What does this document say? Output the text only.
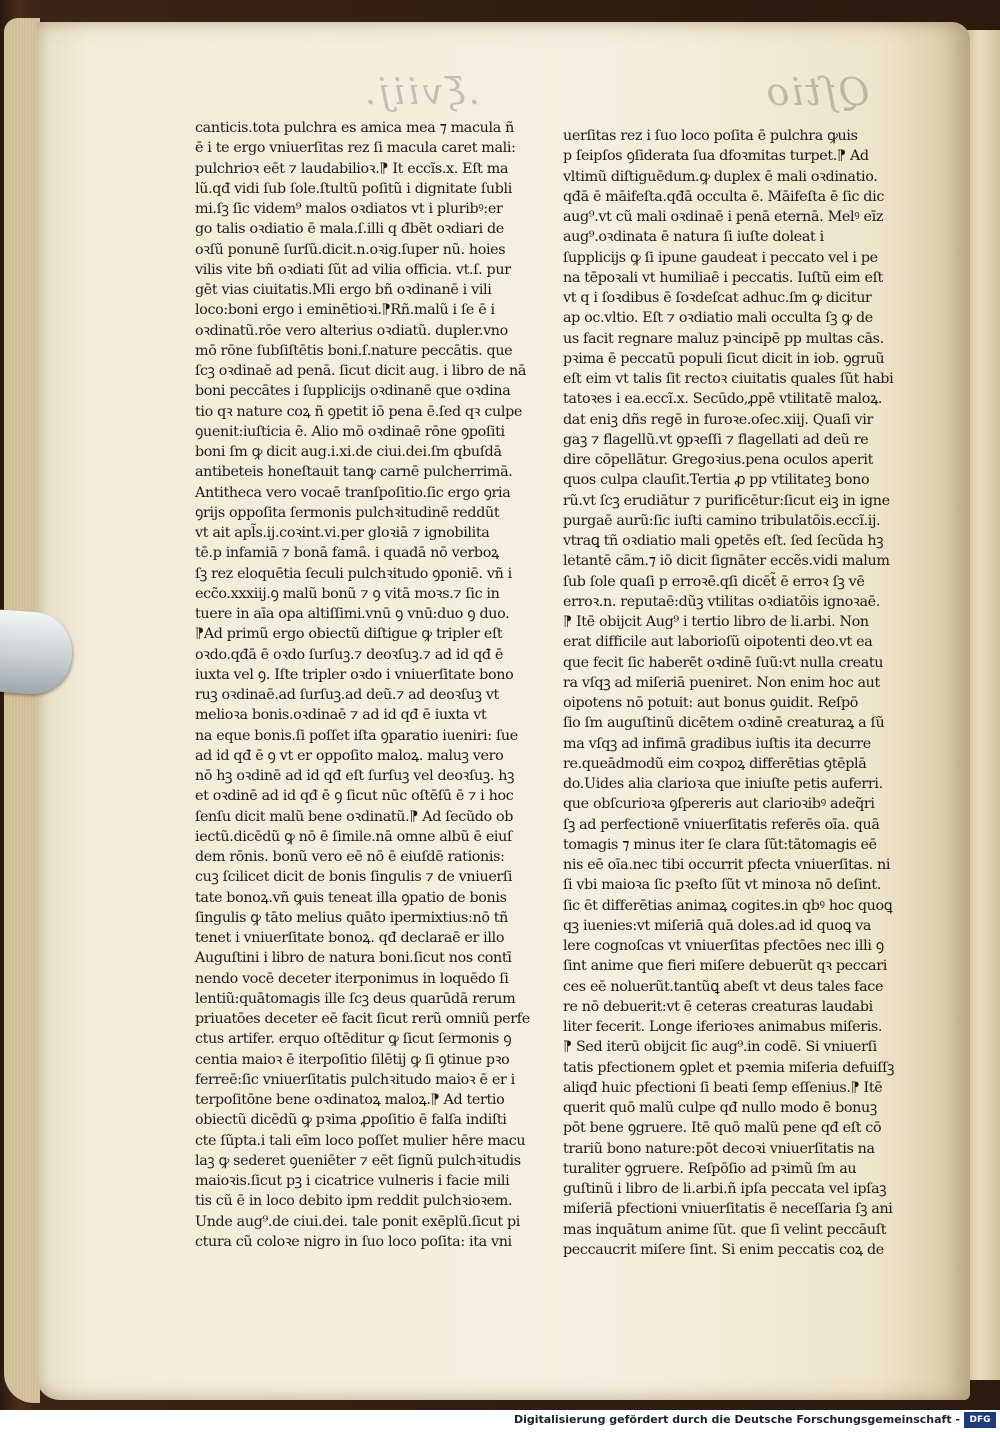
.ξviij.	Qſtio
canticis.tota pulchra es amica mea ⁊ macula ñ
ē i te ergo vniuerſitas rez ſi macula caret mali:
pulchrioꝛ eēt ⁊ laudabilioꝛ.⁋ It eccĩs.x. Eſt ma
lũ.qđ vidi ſub ſole.ſtultũ poſitũ i dignitate ſubli
mi.ſꝫ ſic videm⁹ malos oꝛdiatos vt i pluribꝰ:er
go talis oꝛdiatio ē mala.ſ.illi q đbẽt oꝛdiari de
oꝛſũ ponunē ſurſũ.dicit.n.oꝛig.ſuper nũ. hoies
vilis vite bñ oꝛdiati ſũt ad vilia officia. vt.ſ. pur
gēt vias ciuitatis.Mli ergo bñ oꝛdinanē i vili
loco:boni ergo i eminētioꝛi.⁋Rñ.malũ i ſe ē i
oꝛdinatũ.rōe vero alterius oꝛdiatũ. dupler.vno
mō rōne ſubſiſtētis boni.ſ.nature peccātis. que
ſcꝫ oꝛdinaē ad penā. ſicut dicit aug. i libro de nā
boni peccātes i ſupplicijs oꝛdinanē que oꝛdina
tio qꝛ nature coꝝ ñ ꝯpetit iō pena ē.ſed qꝛ culpe
ꝯuenit:iuſticia ē. Alio mō oꝛdinaē rōne ꝯpoſiti
boni ſm ꝙ dicit aug.i.xi.de ciui.dei.ſm qbuſdā
antibeteis honeſtauit tanꝙ carnē pulcherrimā.
Antitheca vero vocaē tranſpoſitio.ſic ergo ꝯria
ꝯrijs oppoſita ſermonis pulchꝛitudinē reddũt
vt ait apl̃s.ij.coꝛint.vi.per gloꝛiā ⁊ ignobilita
tē.p infamiā ⁊ bonā famā. i quadā nō verboꝝ
ſꝫ rez eloquētia ſeculi pulchꝛitudo ꝯponiē. vñ i
ecc̃o.xxxiij.ꝯ malũ bonũ ⁊ ꝯ vitā moꝛs.⁊ ſic in
tuere in aīa opa altiſſimi.vnū ꝯ vnū:duo ꝯ duo.
⁋Ad primũ ergo obiectũ diſtigue ꝙ tripler eſt
oꝛdo.qđā ē oꝛdo ſurſuꝫ.⁊ deoꝛſuꝫ.⁊ ad id qđ ē
iuxta vel ꝯ. Iſte tripler oꝛdo i vniuerſitate bono
ruꝫ oꝛdinaē.ad ſurſuꝫ.ad deũ.⁊ ad deoꝛſuꝫ vt
melioꝛa bonis.oꝛdinaē ⁊ ad id qđ ē iuxta vt
na eque bonis.ſi poſſet iſta ꝯparatio iueniri: ſue
ad id qđ ē ꝯ vt er oppoſito maloꝝ. maluꝫ vero
nō hꝫ oꝛdinē ad id qđ eſt ſurſuꝫ vel deoꝛſuꝫ. hꝫ
et oꝛdinē ad id qđ ē ꝯ ſicut nūc oſtēſū ē ⁊ i hoc
ſenſu dicit malũ bene oꝛdinatũ.⁋ Ad ſecũdo ob
iectũ.dicēdũ ꝙ nō ē ſimile.nā omne albũ ē eiuſ
dem rōnis. bonũ vero eē nō ē eiuſdē rationis:
cuꝫ ſcilicet dicit de bonis ſingulis ⁊ de vniuerſi
tate bonoꝝ.vñ ꝙuis teneat illa ꝯpatio de bonis
ſingulis ꝙ tāto melius quāto ipermixtius:nō tñ
tenet i vniuerſitate bonoꝝ. qđ declaraē er illo
Auguſtini i libro de natura boni.ſicut nos contī
nendo vocē deceter iterponimus in loquēdo ſi
lentiũ:quātomagis ille ſcꝫ deus quarūdā rerum
priuatōes deceter eē facit ſicut rerũ omniũ perfe
ctus artifer. erquo oſtēditur ꝙ ſicut ſermonis ꝯ
centia maioꝛ ē iterpoſitio ſilētij ꝙ ſi ꝯtinue pꝛo
ferreē:ſic vniuerſitatis pulchꝛitudo maioꝛ ē er i
terpoſitōne bene oꝛdinatoꝝ maloꝝ.⁋ Ad tertio
obiectũ dicēdũ ꝙ pꝛima ꝓpoſitio ē falſa indiſti
cte ſũpta.i tali eīm loco poſſet mulier hēre macu
laꝫ ꝙ sederet ꝯueniēter ⁊ eēt ſignũ pulchꝛitudis
maioꝛis.ſicut pꝫ i cicatrice vulneris i facie mili
tis cũ ē in loco debito ipm reddit pulchꝛioꝛem.
Unde aug⁹.de ciui.dei. tale ponit exēplũ.ſicut pi
ctura cũ coloꝛe nigro in ſuo loco poſita: ita vni
uerſitas rez i ſuo loco poſita ē pulchra ꝙuis
p ſeipſos ꝯſiderata ſua dfoꝛmitas turpet.⁋ Ad
vltimũ diſtiguēdum.ꝙ duplex ē mali oꝛdinatio.
qđā ē māifeſta.qđā occulta ē. Māifeſta ē ſic dic
aug⁹.vt cũ mali oꝛdinaē i penā eternā. Melꝰ eīz
aug⁹.oꝛdinata ē natura ſi iuſte doleat i
ſupplicijs ꝙ ſi ipune gaudeat i peccato vel i pe
na tēpoꝛali vt humiliaē i peccatis. Iuſtũ eim eſt
vt q i ſoꝛdibus ē ſoꝛdeſcat adhuc.ſm ꝙ dicitur
ap oc.vltio. Eſt ⁊ oꝛdiatio mali occulta ſꝫ ꝙ de
us facit regnare maluz pꝛincipē pp multas cās.
pꝛima ē peccatū populi ſicut dicit in iob. ꝯgruũ
eſt eim vt talis ſit rectoꝛ ciuitatis quales ſũt habi
tatoꝛes i ea.eccĩ.x. Secūdo,ꝓpē vtilitatē maloꝝ.
dat eniꝫ dñs regē in furoꝛe.oſec.xiij. Quaſi vir
gaꝫ ⁊ flagellũ.vt ꝯpꝛeſſi ⁊ flagellati ad deũ re
dire cōpellātur. Gregoꝛius.pena oculos aperit
quos culpa clauſit.Tertia ꝓ pp vtilitateꝫ bono
rũ.vt ſcꝫ erudiātur ⁊ purificētur:ſicut eiꝫ in igne
purgaē aurũ:ſic iuſti camino tribulatōis.eccĩ.ij.
vtraꝗ tñ oꝛdiatio mali ꝯpetēs eſt. ſed ſecũda hꝫ
letantē cām.⁊ iō dicit ſignāter eccẽs.vidi malum
ſub ſole quaſi p erroꝛē.qſi dicēt̃ ē erroꝛ ſꝫ vē
erroꝛ.n. reputaē:dũꝫ vtilitas oꝛdiatōis ignoꝛaē.
⁋ Itē obijcit Aug⁹ i tertio libro de li.arbi. Non
erat difficile aut laborioſũ oipotenti deo.vt ea
que fecit ſic haberēt oꝛdinē ſuũ:vt nulla creatu
ra vſqꝫ ad miſeriā pueniret. Non enim hoc aut
oipotens nō potuit: aut bonus ꝯuidit. Reſpō
ſio ſm auguſtinũ dicētem oꝛdinē creaturaꝝ a ſũ
ma vſqꝫ ad infimā gradibus iuſtis ita decurre
re.queādmodũ eim coꝛpoꝝ differētias ꝯtēplā
do.Uides alia clarioꝛa que iniuſte petis auferri.
que obſcurioꝛa ꝯſpereris aut clarioꝛibꝰ adeq̃ri
ſꝫ ad perfectionē vniuerſitatis referēs oīa. quā
tomagis ⁊ minus iter ſe clara ſũt:tātomagis eē
nis eē oīa.nec tibi occurrit pfecta vniuerſitas. ni
ſi vbi maioꝛa ſic pꝛeſto ſũt vt minoꝛa nō deſint.
ſic ēt differētias animaꝝ cogites.in qbꝰ hoc quoꝗ
qꝫ iuenies:vt miſeriā quā doles.ad id quoꝗ va
lere cognoſcas vt vniuerſitas pfectōes nec illi ꝯ
ſint anime que fieri miſere debuerũt qꝛ peccari
ces eē noluerũt.tantũꝗ abeſt vt deus tales face
re nō debuerit:vt ē ceteras creaturas laudabi
liter fecerit. Longe iferioꝛes animabus miſeris.
⁋ Sed iterū obijcit ſic aug⁹.in codē. Si vniuerſi
tatis pfectionem ꝯplet et pꝛemia miſeria defuiſſꝫ
aliqđ huic pfectioni ſi beati ſemp eſſenius.⁋ Itē
querit quō malũ culpe qđ nullo modo ē bonuꝫ
pōt bene ꝯgruere. Itē quō malũ pene qđ eſt cō
trariũ bono nature:pōt decoꝛi vniuerſitatis na
turaliter ꝯgruere. Reſpōſio ad pꝛimũ ſm au
guſtinũ i libro de li.arbi.ñ ipſa peccata vel ipſaꝫ
miſeriā pfectioni vniuerſitatis ē neceſſaria ſꝫ ani
mas inquātum anime ſũt. que ſi velint peccāuſt
peccaucrit miſere ſint. Si enim peccatis coꝝ de
Digitalisierung gefördert durch die Deutsche Forschungsgemeinschaft -	DFG
